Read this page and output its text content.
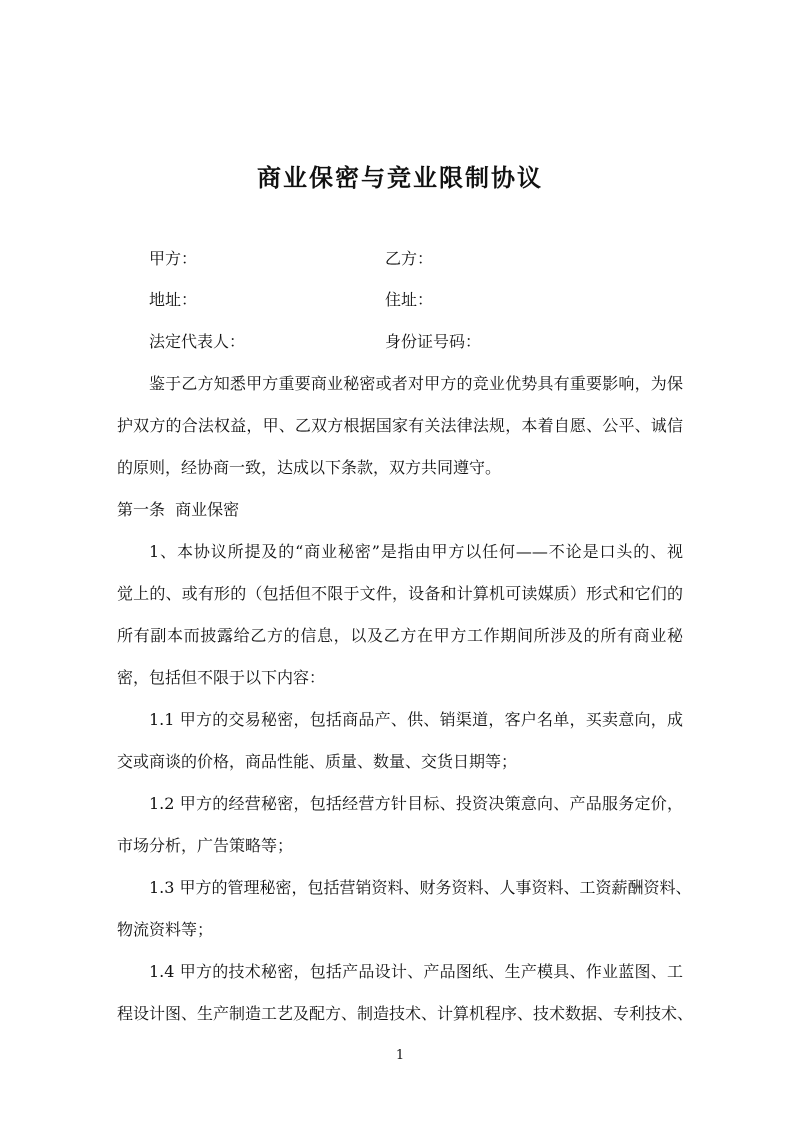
商业保密与竞业限制协议
甲方：	乙方：
地址：	住址：
法定代表人：	身份证号码：
鉴于乙方知悉甲方重要商业秘密或者对甲方的竞业优势具有重要影响，为保
护双方的合法权益，甲、乙双方根据国家有关法律法规，本着自愿、公平、诚信
的原则，经协商一致，达成以下条款，双方共同遵守。
第一条  商业保密
1、本协议所提及的“商业秘密”是指由甲方以任何——不论是口头的、视
觉上的、或有形的（包括但不限于文件，设备和计算机可读媒质）形式和它们的
所有副本而披露给乙方的信息，以及乙方在甲方工作期间所涉及的所有商业秘
密，包括但不限于以下内容：
1.1 甲方的交易秘密，包括商品产、供、销渠道，客户名单，买卖意向，成
交或商谈的价格，商品性能、质量、数量、交货日期等；
1.2 甲方的经营秘密，包括经营方针目标、投资决策意向、产品服务定价，
市场分析，广告策略等；
1.3 甲方的管理秘密，包括营销资料、财务资料、人事资料、工资薪酬资料、
物流资料等；
1.4 甲方的技术秘密，包括产品设计、产品图纸、生产模具、作业蓝图、工
程设计图、生产制造工艺及配方、制造技术、计算机程序、技术数据、专利技术、
1
